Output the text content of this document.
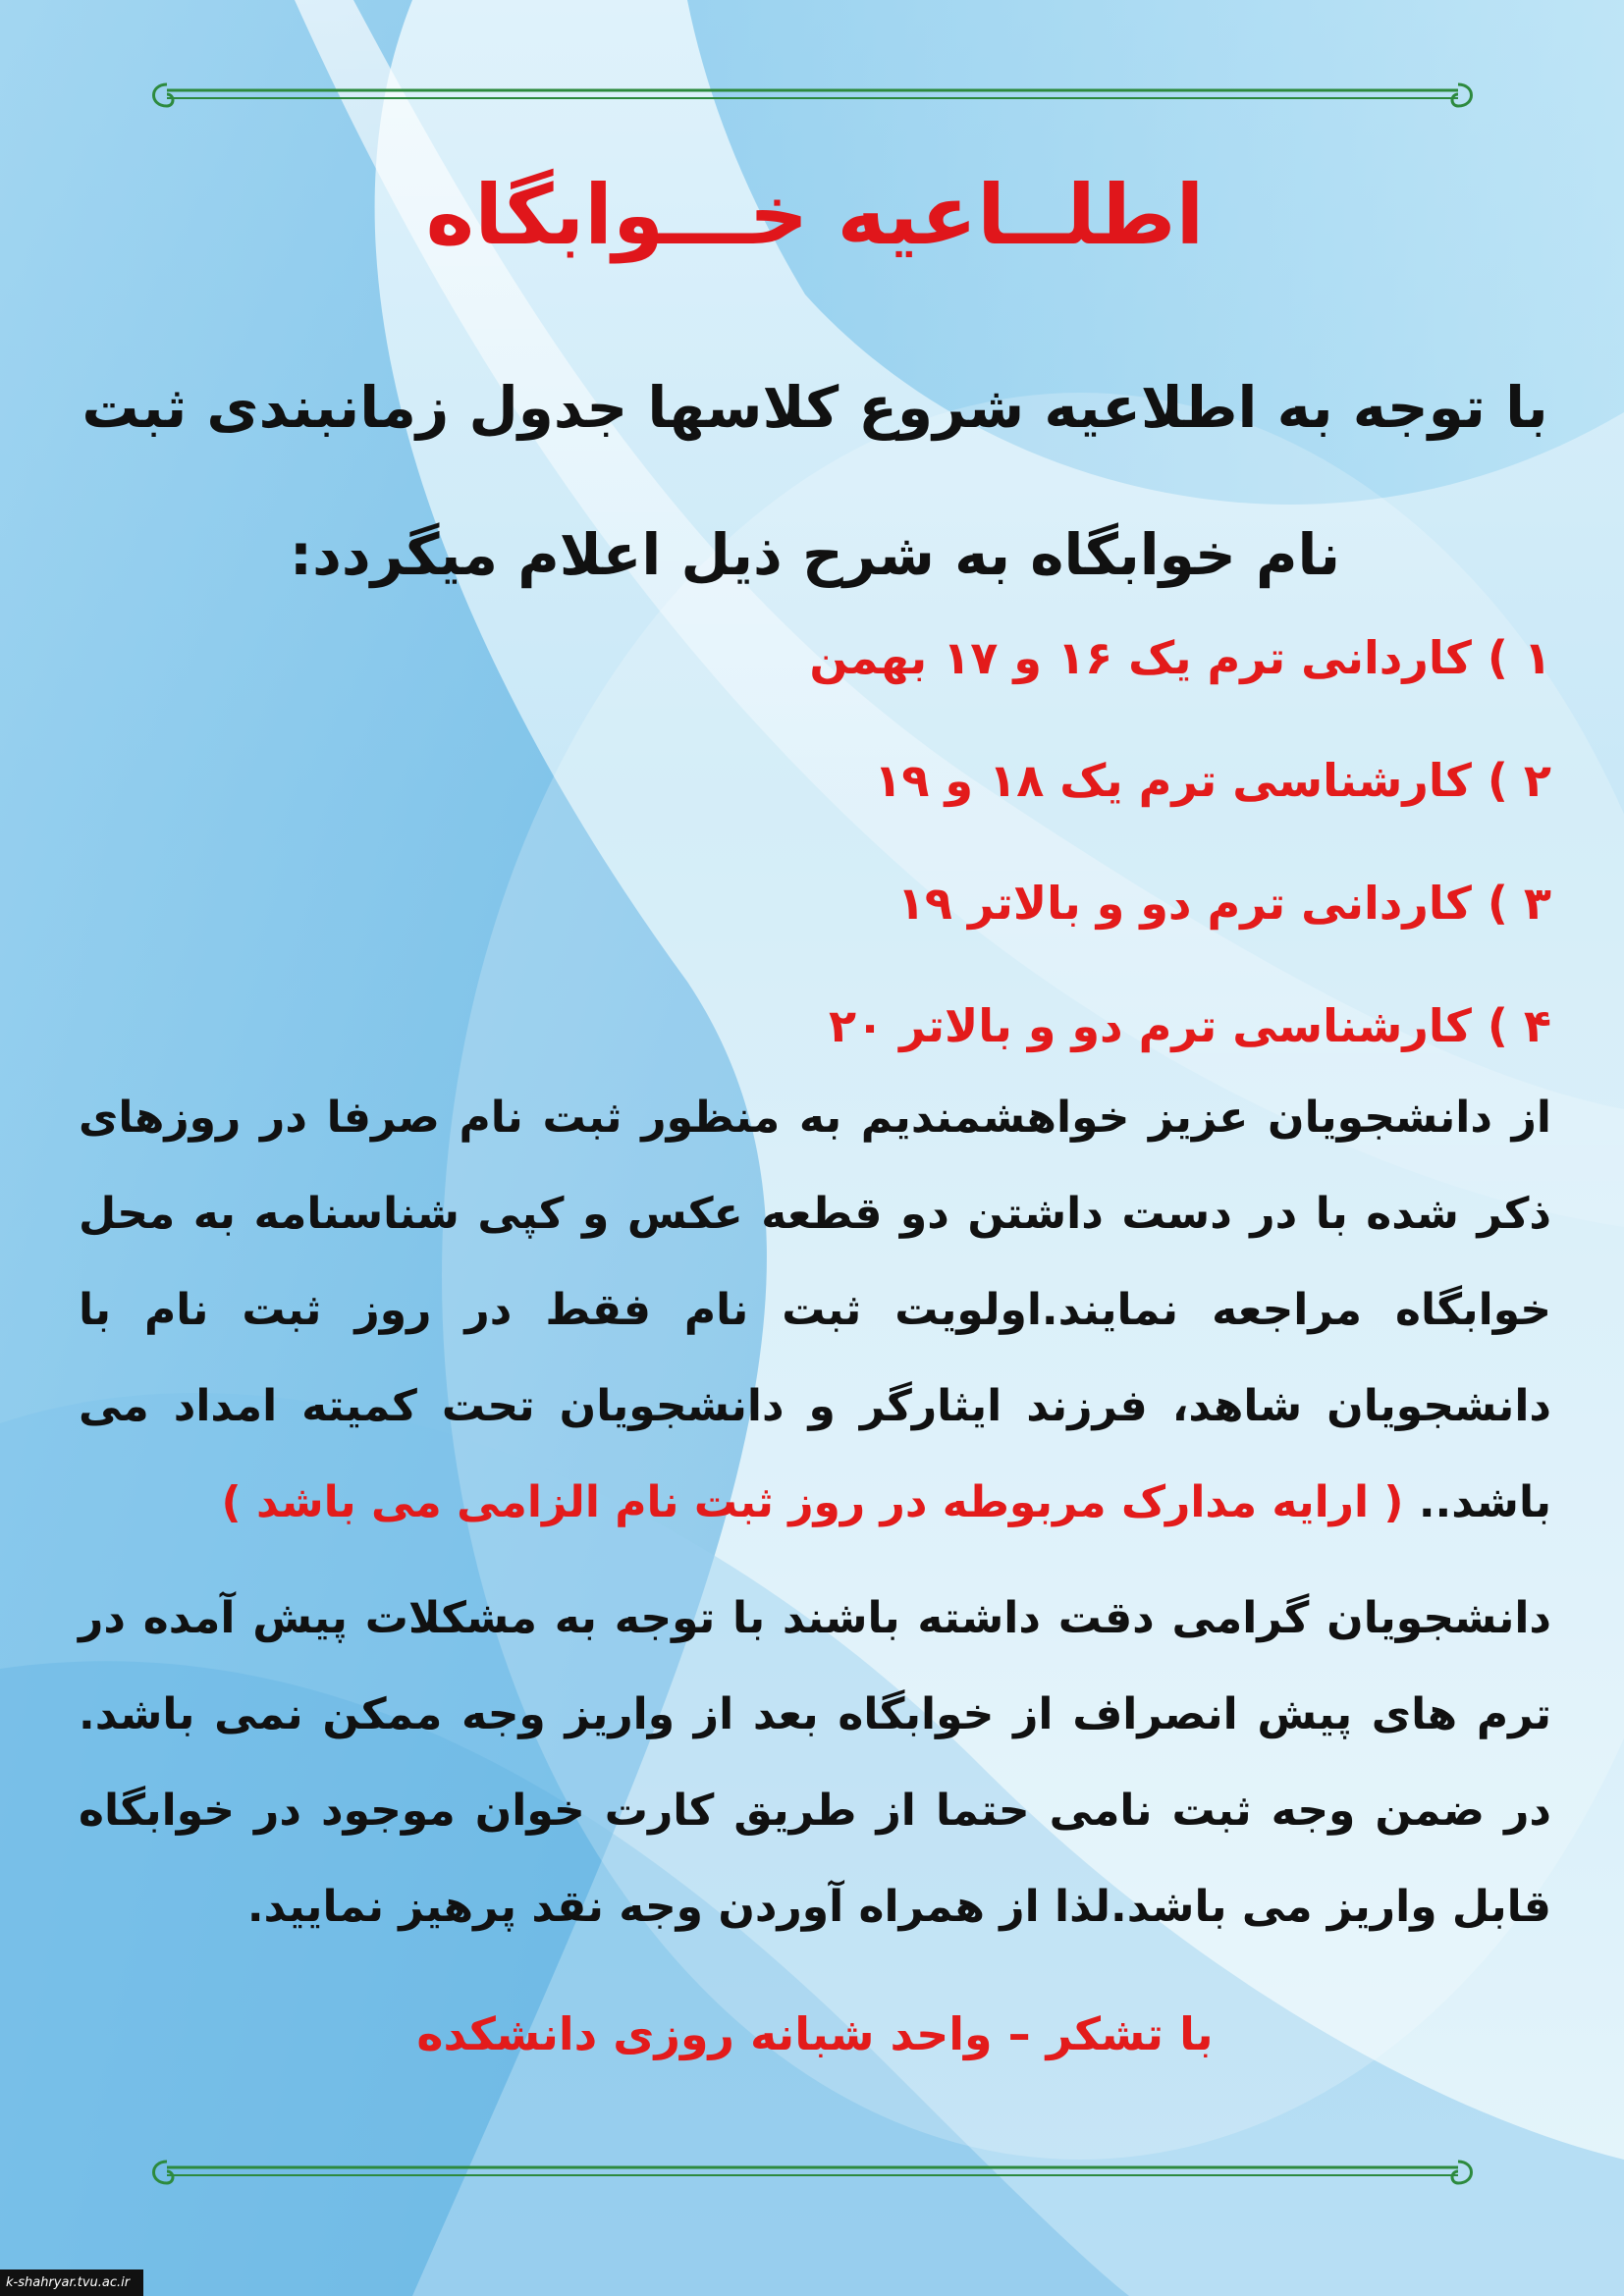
اطلــاعیه خـــوابگاه
با توجه به اطلاعیه شروع کلاسها جدول زمانبندی ثبت نام خوابگاه به شرح ذیل اعلام میگردد:
۱ ) کاردانی ترم یک ۱۶ و ۱۷ بهمن
۲ ) کارشناسی ترم یک ۱۸ و ۱۹
۳ ) کاردانی ترم دو و بالاتر ۱۹
۴ ) کارشناسی ترم دو و بالاتر ۲۰
از دانشجویان عزیز خواهشمندیم به منظور ثبت نام صرفا در روزهای ذکر شده با در دست داشتن دو قطعه عکس و کپی شناسنامه به محل خوابگاه مراجعه نمایند.اولویت ثبت نام فقط در روز ثبت نام با دانشجویان شاهد، فرزند ایثارگر و دانشجویان تحت کمیته امداد می باشد.. ( ارایه مدارک مربوطه در روز ثبت نام الزامی می باشد )
دانشجویان گرامی دقت داشته باشند با توجه به مشکلات پیش آمده در ترم های پیش انصراف از خوابگاه بعد از واریز وجه ممکن نمی باشد. در ضمن وجه ثبت نامی حتما از طریق کارت خوان موجود در خوابگاه قابل واریز می باشد.لذا از همراه آوردن وجه نقد پرهیز نمایید.
با تشکر – واحد شبانه روزی دانشکده
k-shahryar.tvu.ac.ir
